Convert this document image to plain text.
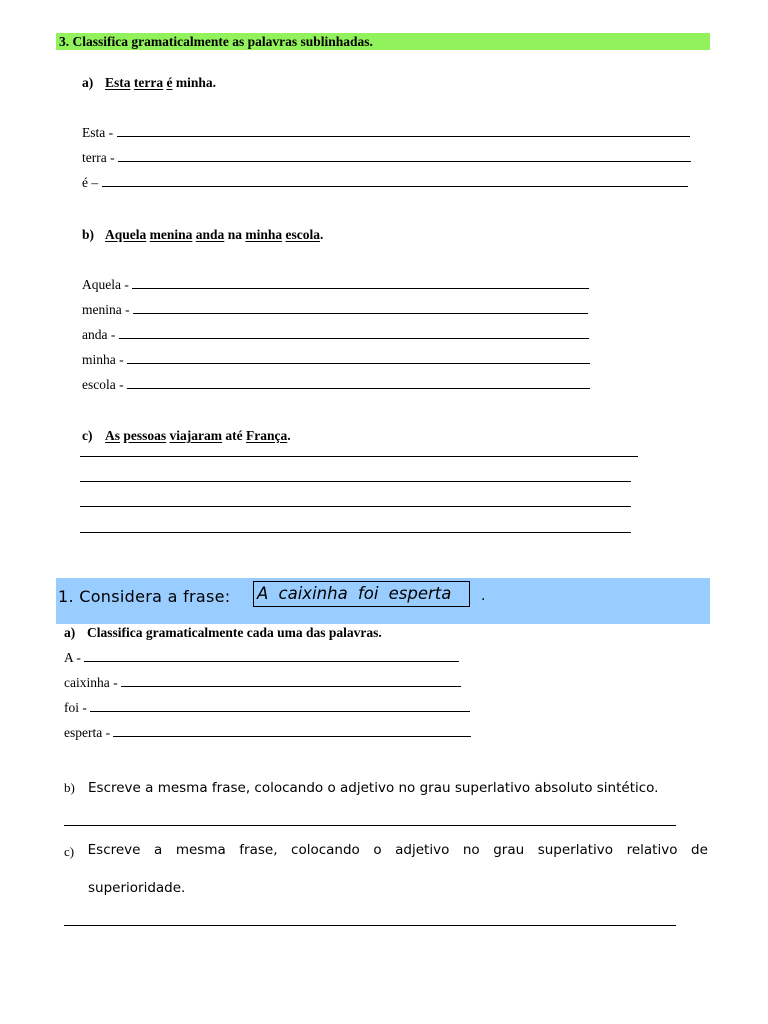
3. Classifica gramaticalmente as palavras sublinhadas.
a) Esta terra é minha.
Esta -
terra -
é –
b) Aquela menina anda na minha escola.
Aquela -
menina -
anda -
minha -
escola -
c) As pessoas viajaram até França.
1. Considera a frase: A caixinha foi esperta	.
a) Classifica gramaticalmente cada uma das palavras.
A -
caixinha -
foi -
esperta -
b) Escreve a mesma frase, colocando o adjetivo no grau superlativo absoluto sintético.
c) Escreve a mesma frase, colocando o adjetivo no grau superlativo relativo de
superioridade.
